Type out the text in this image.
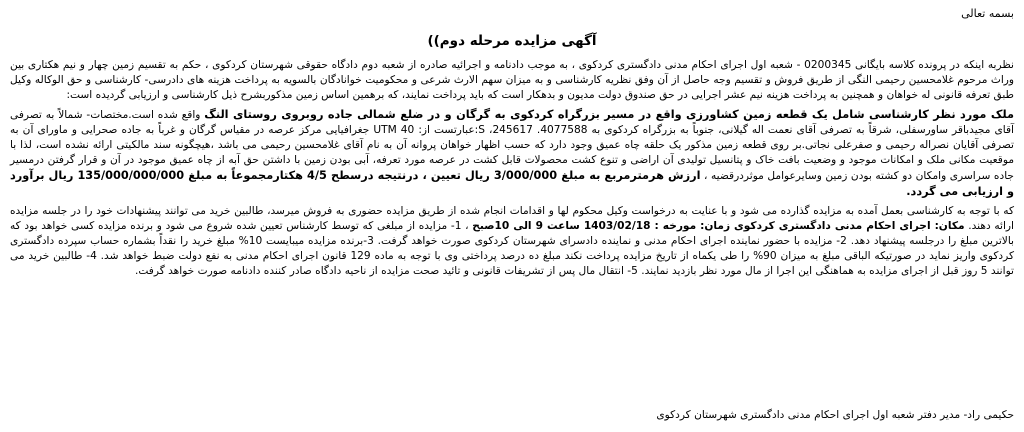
بسمه تعالی
آگهی مزایده مرحله دوم))

نظربه اینکه در پرونده کلاسه بایگانی 0200345 - شعبه اول اجرای احکام مدنی دادگستری کردکوی ، به موجب دادنامه و اجرائیه صادره از شعبه دوم دادگاه حقوقی شهرستان کردکوی ، حکم به تقسیم زمین چهار و نیم هکتاری بین وراث مرحوم غلامحسین رحیمی النگی از طریق فروش و تقسیم وجه حاصل از آن وفق نظریه کارشناسی و به میزان سهم الارث شرعی و محکومیت خوانادگان بالسویه به پرداخت هزینه های دادرسی- کارشناسی و حق الوکاله وکیل طبق تعرفه قانونی له خواهان و همچنین به پرداخت هزینه نیم عشر اجرایی در حق صندوق دولت مدیون و بدهکار است که باید پرداخت نمایند، که برهمین اساس زمین مذکوربشرح ذیل کارشناسی و ارزیابی گردیده است:

ملک مورد نظر کارشناسی شامل یک قطعه زمین کشاورزی واقع در مسیر بزرگراه کردکوی به گرگان و در ضلع شمالی جاده روبروی روستای النگ واقع شده است.مختصات- شمالاً به تصرفی آقای مجیدباقر ساورسفلی، شرقاً به تصرفی آقای نعمت اله گیلانی، جنوباً به بزرگراه کردکوی به 4077588. 245617، S:عبارتست از: UTM 40 جغرافیایی مرکز عرصه در مقیاس گرگان و غرباً به جاده صحرایی و ماورای آن به تصرفی آقایان نصراله رحیمی و صفرعلی نجاتی.بر روی قطعه زمین مذکور یک حلقه چاه عمیق وجود دارد که حسب اظهار خواهان پروانه آن به نام آقای غلامحسین رحیمی می باشد ،هیچگونه سند مالکیتی ارائه نشده است، لذا با موقعیت مکانی ملک و امکانات موجود و وضعیت بافت خاک و پتانسیل تولیدی آن اراضی و تنوع کشت محصولات قابل کشت در عرصه مورد تعرفه، آبی بودن زمین با داشتن حق آبه از چاه عمیق موجود در آن و قرار گرفتن درمسیر جاده سراسری وامکان دو کشته بودن زمین وسایرعوامل موثردرقضیه ، ارزش هرمترمربع به مبلغ 3/000/000 ریال تعیین ، درنتیجه درسطح 4/5 هکتارمجموعاً به مبلغ 135/000/000/000 ریال برآورد و ارزیابی می گردد.

که با توجه به کارشناسی بعمل آمده به مزایده گذارده می شود و با عنایت به درخواست وکیل محکوم لها و اقدامات انجام شده از طریق مزایده حضوری به فروش میرسد، طالبین خرید می توانند پیشنهادات خود را در جلسه مزایده ارائه دهند. مکان: اجرای احکام مدنی دادگستری کردکوی زمان: مورخه : 1403/02/18 ساعت 9 الی 10صبح ، 1- مزایده از مبلغی که توسط کارشناس تعیین شده شروع می شود و برنده مزایده کسی خواهد بود که بالاترین مبلغ را درجلسه پیشنهاد دهد. 2- مزایده با حضور نماینده اجرای احکام مدنی و نماینده دادسرای شهرستان کردکوی صورت خواهد گرفت. 3-برنده مزایده میبایست 10% مبلغ خرید را نقداً بشماره حساب سپرده دادگستری کردکوی واریز نماید در صورتیکه الباقی مبلغ به میزان 90% را طی یکماه از تاریخ مزایده پرداخت نکند مبلغ ده درصد پرداختی وی با توجه به ماده 129 قانون اجرای احکام مدنی به نفع دولت ضبط خواهد شد. 4- طالبین خرید می توانند 5 روز قبل از اجرای مزایده به هماهنگی این اجرا از مال مورد نظر بازدید نمایند. 5- انتقال مال پس از تشریفات قانونی و تائید صحت مزایده از ناحیه دادگاه صادر کننده دادنامه صورت خواهد گرفت.

حکیمی راد- مدیر دفتر شعبه اول اجرای احکام مدنی دادگستری شهرستان کردکوی
